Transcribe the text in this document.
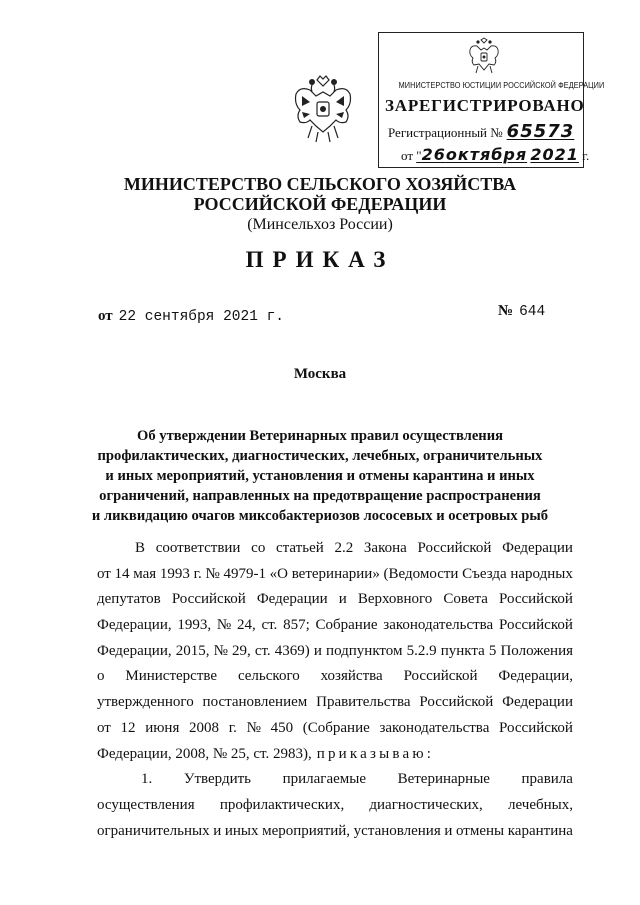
МИНИСТЕРСТВО ЮСТИЦИИ РОССИЙСКОЙ ФЕДЕРАЦИИ
ЗАРЕГИСТРИРОВАНО
Регистрационный № 65573
от "26октября 2021 г.
МИНИСТЕРСТВО СЕЛЬСКОГО ХОЗЯЙСТВА
РОССИЙСКОЙ ФЕДЕРАЦИИ
(Минсельхоз России)
ПРИКАЗ
от 22 сентября 2021 г.	№ 644
Москва
Об утверждении Ветеринарных правил осуществления
профилактических, диагностических, лечебных, ограничительных
и иных мероприятий, установления и отмены карантина и иных
ограничений, направленных на предотвращение распространения
и ликвидацию очагов миксобактериозов лососевых и осетровых рыб
В соответствии со статьей 2.2 Закона Российской Федерации
от 14 мая 1993 г. № 4979-1 «О ветеринарии» (Ведомости Съезда народных
депутатов Российской Федерации и Верховного Совета Российской
Федерации, 1993, № 24, ст. 857; Собрание законодательства Российской
Федерации, 2015, № 29, ст. 4369) и подпунктом 5.2.9 пункта 5 Положения
о Министерстве сельского хозяйства Российской Федерации,
утвержденного постановлением Правительства Российской Федерации
от 12 июня 2008 г. № 450 (Собрание законодательства Российской
Федерации, 2008, № 25, ст. 2983), приказываю:
1. Утвердить прилагаемые Ветеринарные правила
осуществления профилактических, диагностических, лечебных,
ограничительных и иных мероприятий, установления и отмены карантина
